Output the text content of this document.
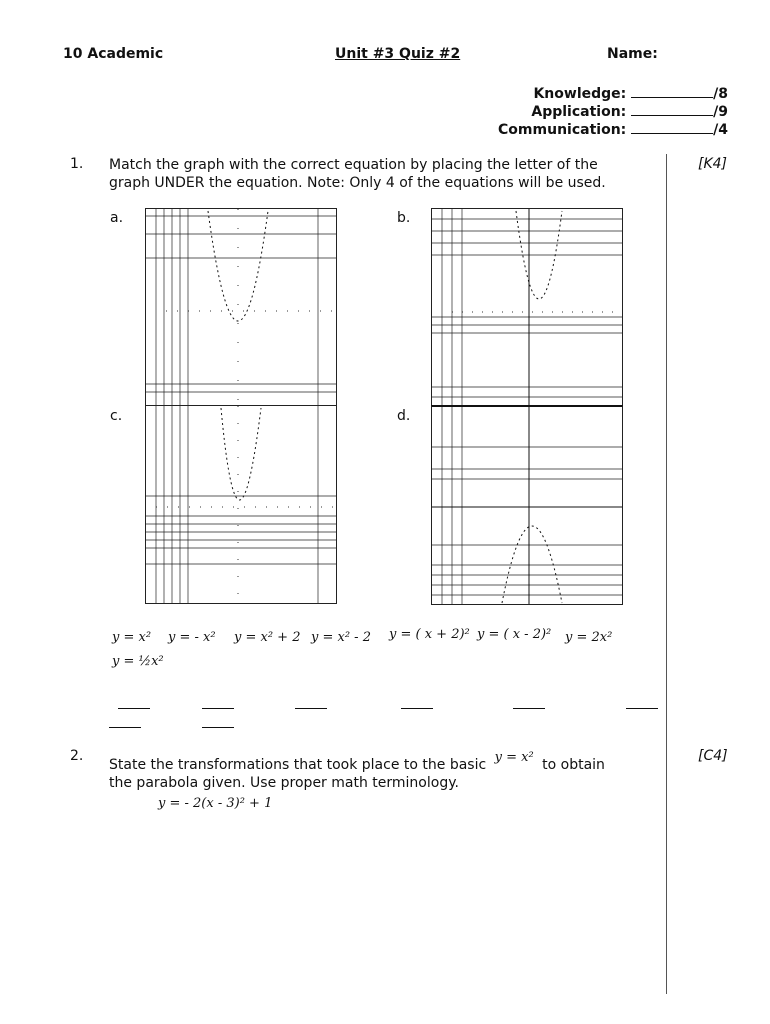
10 Academic	Unit #3 Quiz #2	Name:
Knowledge:	/8
Application:	/9
Communication:	/4
1. Match the graph with the correct equation by placing the letter of the
graph UNDER the equation. Note: Only 4 of the equations will be used.
[K4]
a.	b.
c.	d.
y = x² y = - x² y = x² + 2 y = x² - 2 y = ( x + 2)² y = ( x - 2)² y = 2x²
y = ½x²
2.
State the transformations that took place to the basic y = x² to obtain
the parabola given. Use proper math terminology.
y = - 2(x - 3)² + 1
[C4]
